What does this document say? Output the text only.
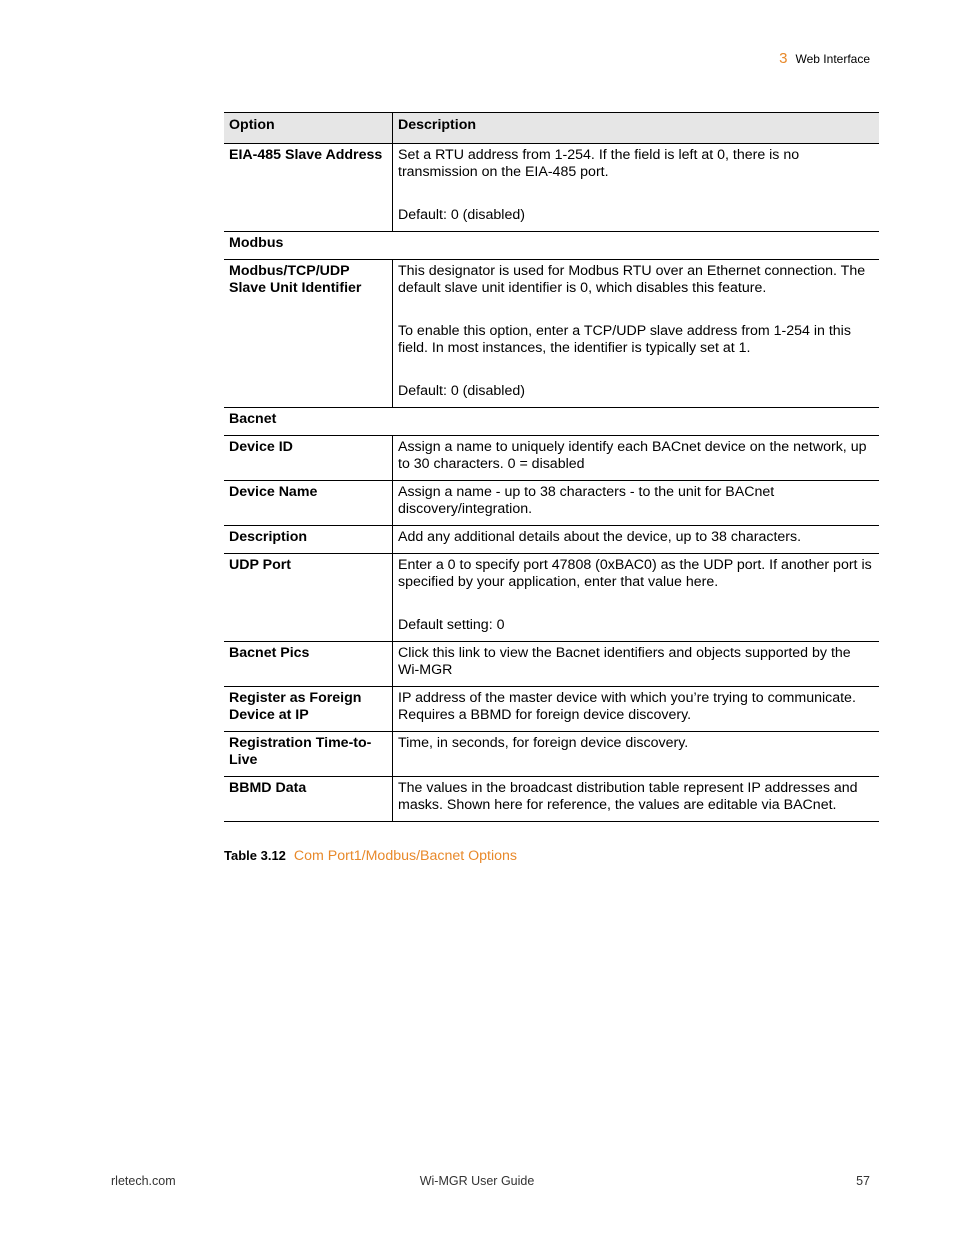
3 Web Interface
Option	Description
EIA-485 Slave Address	Set a RTU address from 1-254. If the field is left at 0, there is no transmission on the EIA-485 port.

Default: 0 (disabled)

Modbus	
Modbus/TCP/UDP Slave Unit Identifier	This designator is used for Modbus RTU over an Ethernet connection. The default slave unit identifier is 0, which disables this feature.

To enable this option, enter a TCP/UDP slave address from 1-254 in this field. In most instances, the identifier is typically set at 1.

Default: 0 (disabled)

Bacnet	
Device ID	Assign a name to uniquely identify each BACnet device on the network, up to 30 characters. 0 = disabled

Device Name	Assign a name - up to 38 characters - to the unit for BACnet discovery/integration.

Description	Add any additional details about the device, up to 38 characters.

UDP Port	Enter a 0 to specify port 47808 (0xBAC0) as the UDP port. If another port is specified by your application, enter that value here.

Default setting: 0

Bacnet Pics	Click this link to view the Bacnet identifiers and objects supported by the Wi-MGR

Register as Foreign Device at IP	IP address of the master device with which you’re trying to communicate. Requires a BBMD for foreign device discovery.

Registration Time-to-Live	Time, in seconds, for foreign device discovery.

BBMD Data	The values in the broadcast distribution table represent IP addresses and masks. Shown here for reference, the values are editable via BACnet.

Table 3.12 Com Port1/Modbus/Bacnet Options
rletech.com	Wi-MGR User Guide	57
